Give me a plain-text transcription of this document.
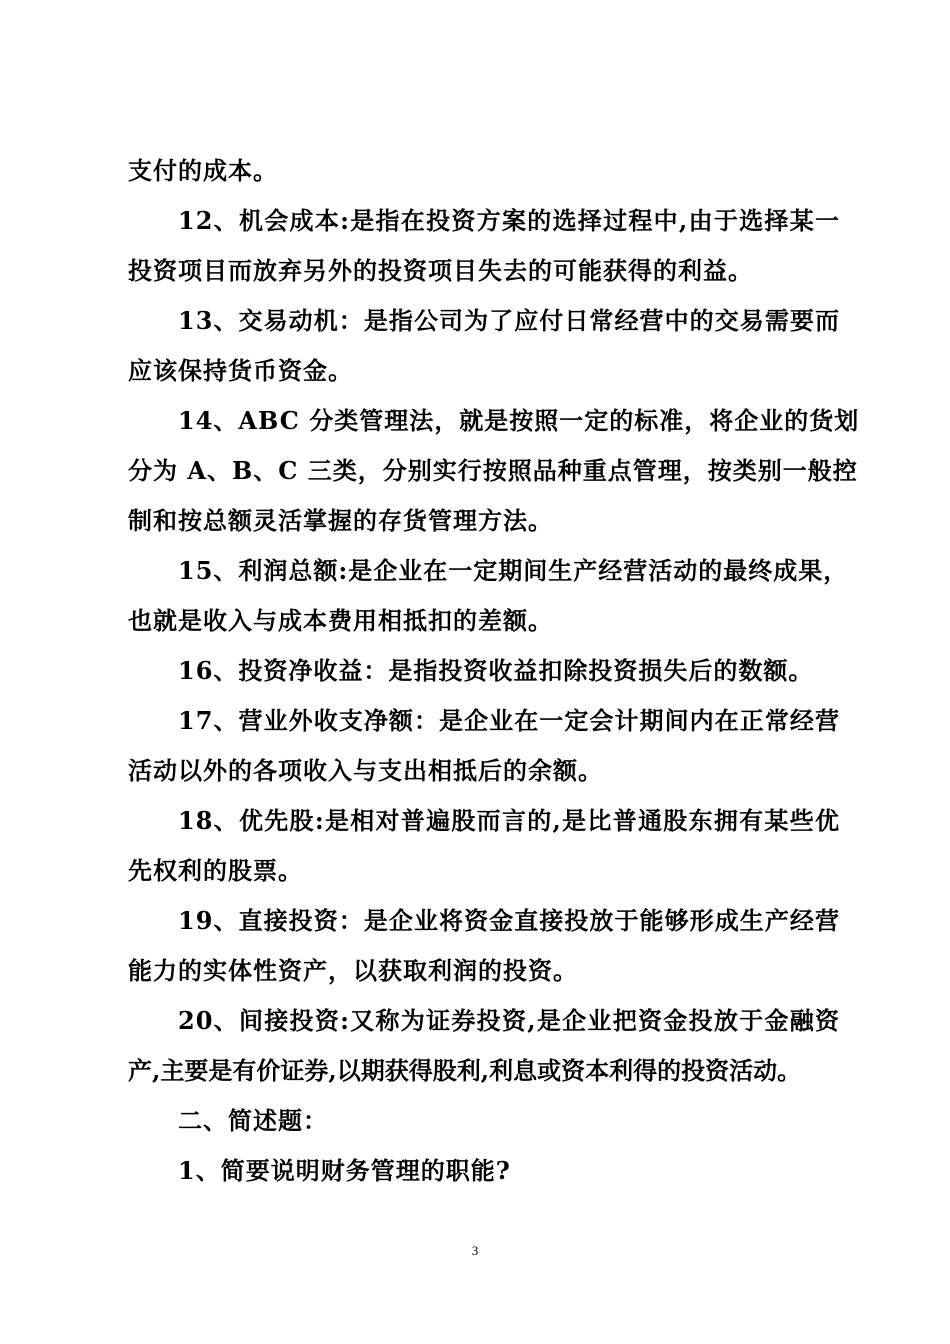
支付的成本。
12、机会成本:是指在投资方案的选择过程中,由于选择某一
投资项目而放弃另外的投资项目失去的可能获得的利益。
13、交易动机：是指公司为了应付日常经营中的交易需要而
应该保持货币资金。
14、ABC 分类管理法，就是按照一定的标准，将企业的货划
分为 A、B、C 三类，分别实行按照品种重点管理，按类别一般控
制和按总额灵活掌握的存货管理方法。
15、利润总额:是企业在一定期间生产经营活动的最终成果，
也就是收入与成本费用相抵扣的差额。
16、投资净收益：是指投资收益扣除投资损失后的数额。
17、营业外收支净额：是企业在一定会计期间内在正常经营
活动以外的各项收入与支出相抵后的余额。
18、优先股:是相对普遍股而言的,是比普通股东拥有某些优
先权利的股票。
19、直接投资：是企业将资金直接投放于能够形成生产经营
能力的实体性资产，以获取利润的投资。
20、间接投资:又称为证券投资,是企业把资金投放于金融资
产,主要是有价证券,以期获得股利,利息或资本利得的投资活动。
二、简述题：
1、简要说明财务管理的职能?
3
